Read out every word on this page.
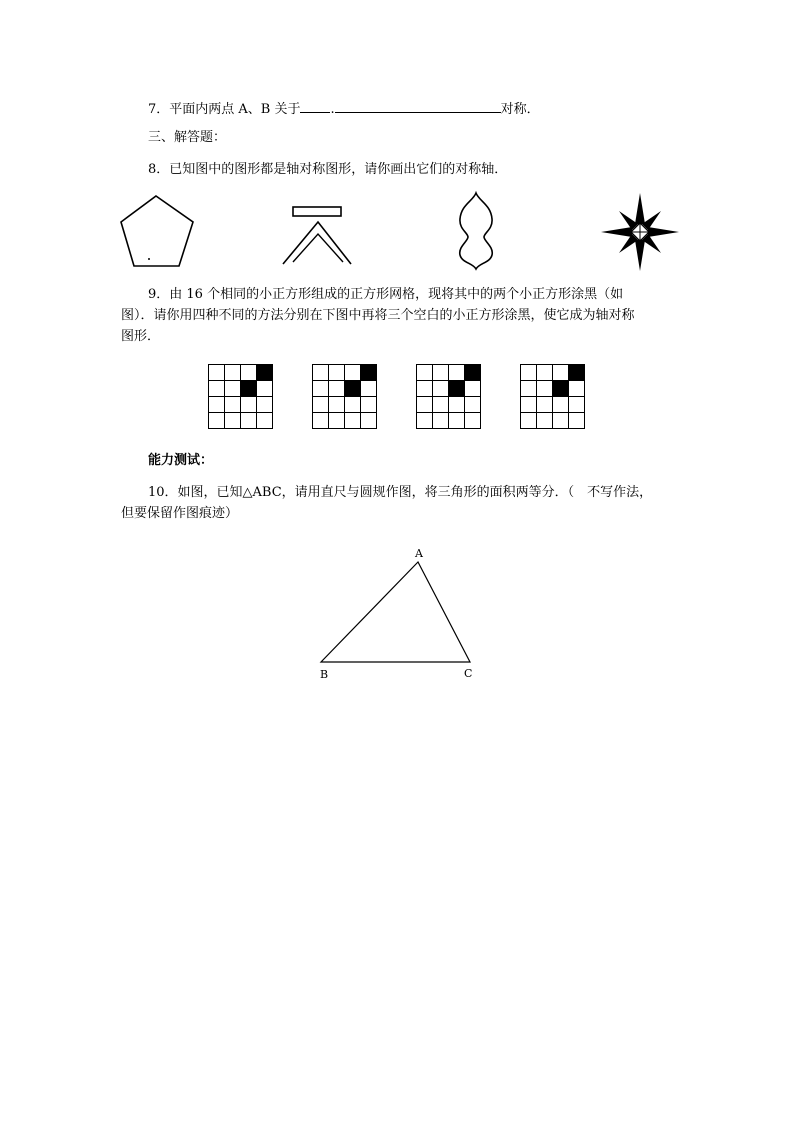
7．平面内两点 A、B 关于 .	对称．
三、解答题：
8．已知图中的图形都是轴对称图形，请你画出它们的对称轴．
9．由 16 个相同的小正方形组成的正方形网格，现将其中的两个小正方形涂黑（如
图）．请你用四种不同的方法分别在下图中再将三个空白的小正方形涂黑，使它成为轴对称
图形．

能力测试：
10．如图，已知△ABC，请用直尺与圆规作图，将三角形的面积两等分．（　不写作法，
但要保留作图痕迹）
A
B	C
